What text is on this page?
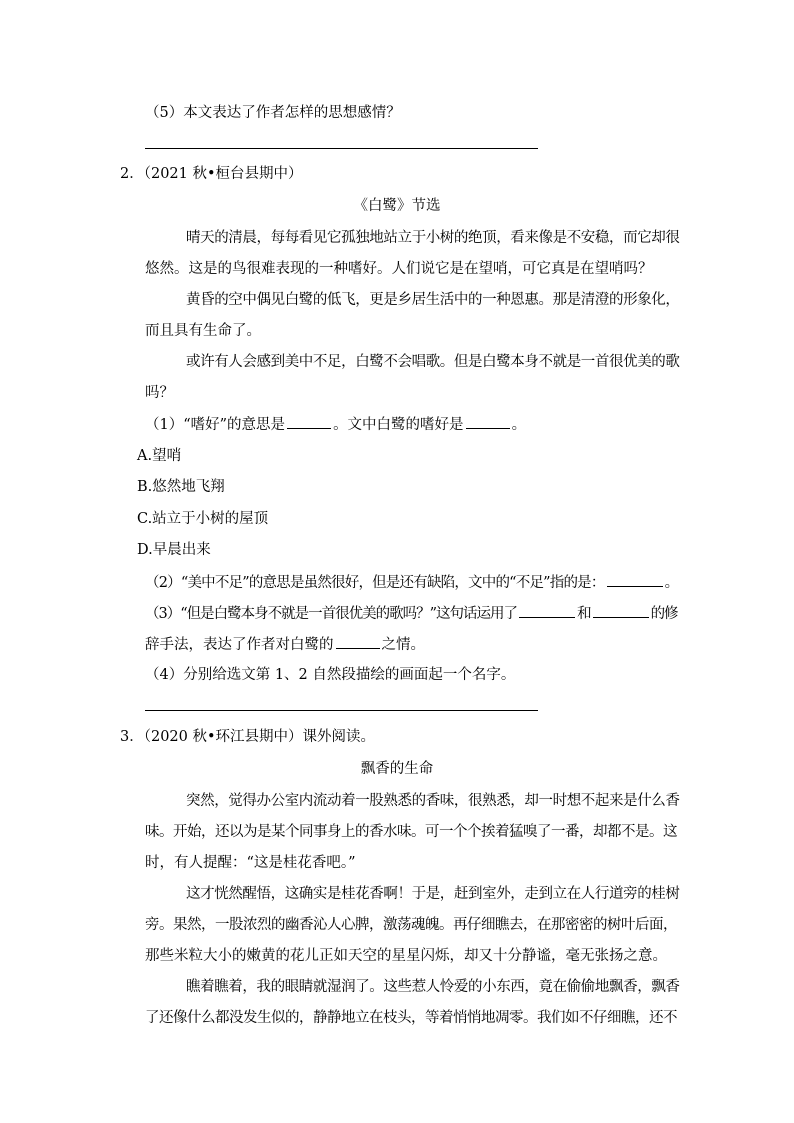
（5）本文表达了作者怎样的思想感情？
2．（2021 秋•桓台县期中）
《白鹭》节选
晴天的清晨，每每看见它孤独地站立于小树的绝顶，看来像是不安稳，而它却很
悠然。这是的鸟很难表现的一种嗜好。人们说它是在望哨，可它真是在望哨吗？
黄昏的空中偶见白鹭的低飞，更是乡居生活中的一种恩惠。那是清澄的形象化，
而且具有生命了。
或许有人会感到美中不足，白鹭不会唱歌。但是白鹭本身不就是一首很优美的歌
吗？
（1）“嗜好”的意思是	。文中白鹭的嗜好是	。
A.望哨
B.悠然地飞翔
C.站立于小树的屋顶
D.早晨出来
（2）“美中不足”的意思是虽然很好，但是还有缺陷，文中的“不足”指的是：	。
（3）“但是白鹭本身不就是一首很优美的歌吗？”这句话运用了	和	的修
辞手法，表达了作者对白鹭的	之情。
（4）分别给选文第 1、2 自然段描绘的画面起一个名字。
3．（2020 秋•环江县期中）课外阅读。
飘香的生命
突然，觉得办公室内流动着一股熟悉的香味，很熟悉，却一时想不起来是什么香
味。开始，还以为是某个同事身上的香水味。可一个个挨着猛嗅了一番，却都不是。这
时，有人提醒：“这是桂花香吧。”
这才恍然醒悟，这确实是桂花香啊！于是，赶到室外，走到立在人行道旁的桂树
旁。果然，一股浓烈的幽香沁人心脾，激荡魂魄。再仔细瞧去，在那密密的树叶后面，
那些米粒大小的嫩黄的花儿正如天空的星星闪烁，却又十分静谧，毫无张扬之意。
瞧着瞧着，我的眼睛就湿润了。这些惹人怜爱的小东西，竟在偷偷地飘香，飘香
了还像什么都没发生似的，静静地立在枝头，等着悄悄地凋零。我们如不仔细瞧，还不
